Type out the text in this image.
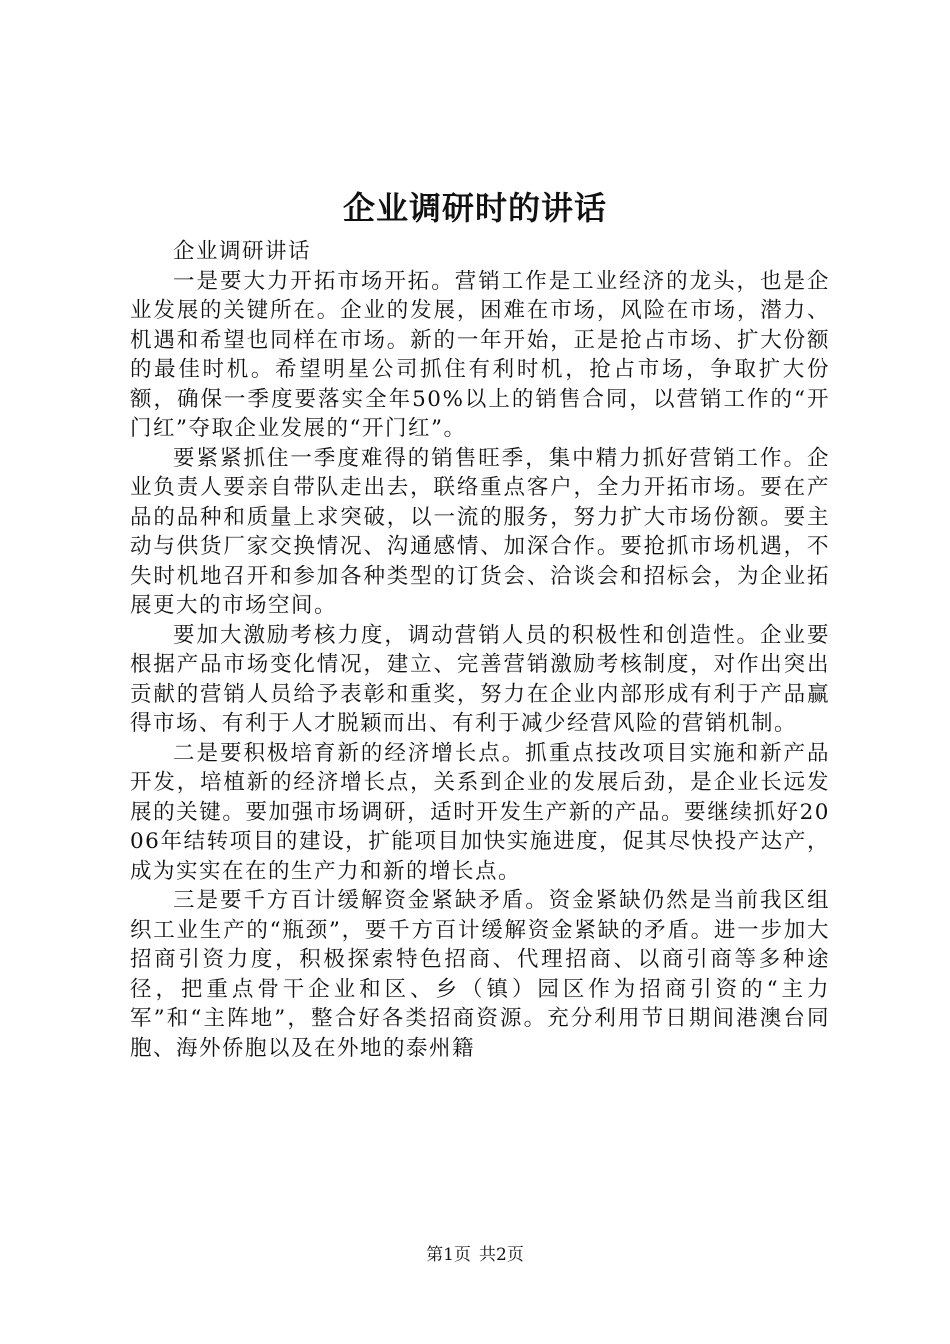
企业调研时的讲话

企业调研讲话

一是要大力开拓市场开拓。营销工作是工业经济的龙头，也是企业发展的关键所在。企业的发展，困难在市场，风险在市场，潜力、机遇和希望也同样在市场。新的一年开始，正是抢占市场、扩大份额的最佳时机。希望明星公司抓住有利时机，抢占市场，争取扩大份额，确保一季度要落实全年50%以上的销售合同，以营销工作的“开门红”夺取企业发展的“开门红”。

要紧紧抓住一季度难得的销售旺季，集中精力抓好营销工作。企业负责人要亲自带队走出去，联络重点客户，全力开拓市场。要在产品的品种和质量上求突破，以一流的服务，努力扩大市场份额。要主动与供货厂家交换情况、沟通感情、加深合作。要抢抓市场机遇，不失时机地召开和参加各种类型的订货会、洽谈会和招标会，为企业拓展更大的市场空间。

要加大激励考核力度，调动营销人员的积极性和创造性。企业要根据产品市场变化情况，建立、完善营销激励考核制度，对作出突出贡献的营销人员给予表彰和重奖，努力在企业内部形成有利于产品赢得市场、有利于人才脱颖而出、有利于减少经营风险的营销机制。

二是要积极培育新的经济增长点。抓重点技改项目实施和新产品开发，培植新的经济增长点，关系到企业的发展后劲，是企业长远发展的关键。要加强市场调研，适时开发生产新的产品。要继续抓好2006年结转项目的建设，扩能项目加快实施进度，促其尽快投产达产，成为实实在在的生产力和新的增长点。

三是要千方百计缓解资金紧缺矛盾。资金紧缺仍然是当前我区组织工业生产的“瓶颈”，要千方百计缓解资金紧缺的矛盾。进一步加大招商引资力度，积极探索特色招商、代理招商、以商引商等多种途径，把重点骨干企业和区、乡（镇）园区作为招商引资的“主力军”和“主阵地”，整合好各类招商资源。充分利用节日期间港澳台同胞、海外侨胞以及在外地的泰州籍

第1页 共2页
